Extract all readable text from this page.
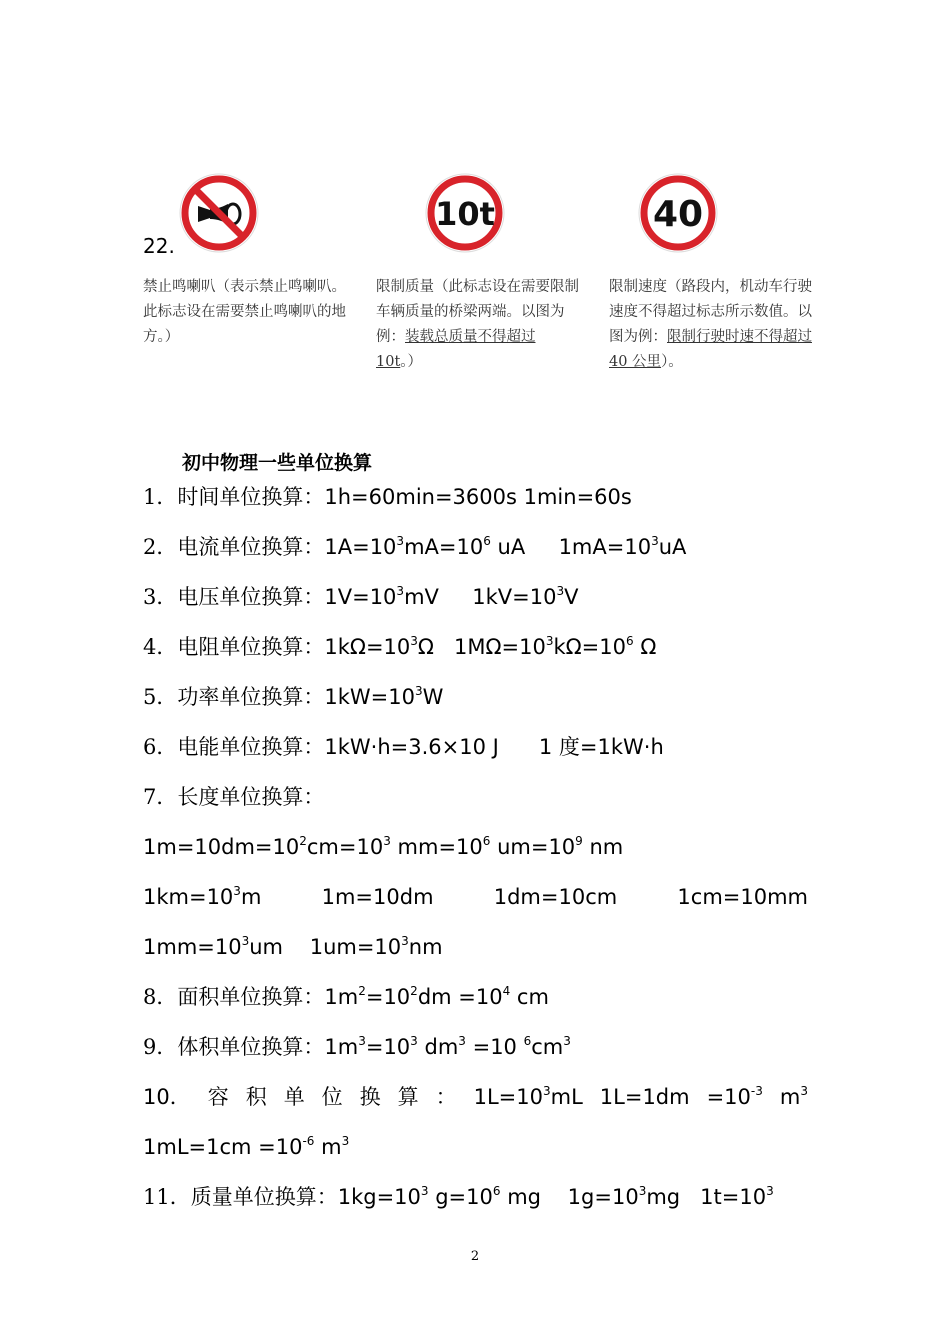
22.
10t	40
禁止鸣喇叭（表示禁止鸣喇叭。此标志设在需要禁止鸣喇叭的地方。）
限制质量（此标志设在需要限制车辆质量的桥梁两端。以图为例：装载总质量不得超过 10t。）
限制速度（路段内，机动车行驶速度不得超过标志所示数值。以图为例：限制行驶时速不得超过 40 公里）。
初中物理一些单位换算
1．时间单位换算：1h=60min=3600s 1min=60s
2．电流单位换算：$1A=10^3mA=10^6$ uA     $1mA=10^3uA$
3．电压单位换算：$1V=10^3mV$     $1kV=10^3V$
4．电阻单位换算：$1k\Omega=10^3\Omega$   $1M\Omega=10^3k\Omega=10^6$ Ω
5．功率单位换算：$1kW=10^3W$
6．电能单位换算：1kW·h=3.6×10 J      1 度=1kW·h
7．长度单位换算：
$1m=10dm=10^2cm=10^3$ $mm=10^6$ $um=10^9$ nm
$1km=10^3m$	1m=10dm	1dm=10cm	1cm=10mm
$1mm=10^3um$    $1um=10^3nm$
8．面积单位换算：$1m^2=10^2dm =10^4$ cm
9．体积单位换算：$1m^3=10^3$ $dm^3 =10$ $^6cm^3$
10． 容 积 单 位 换 算 ： $1L=10^3mL$ $1L=1dm =10^{-3}$ $m^3$
$1mL=1cm =10^{-6}$ $m^3$
11．质量单位换算：$1kg=10^3$ $g=10^6$ mg    $1g=10^3mg$   $1t=10^3$
2
